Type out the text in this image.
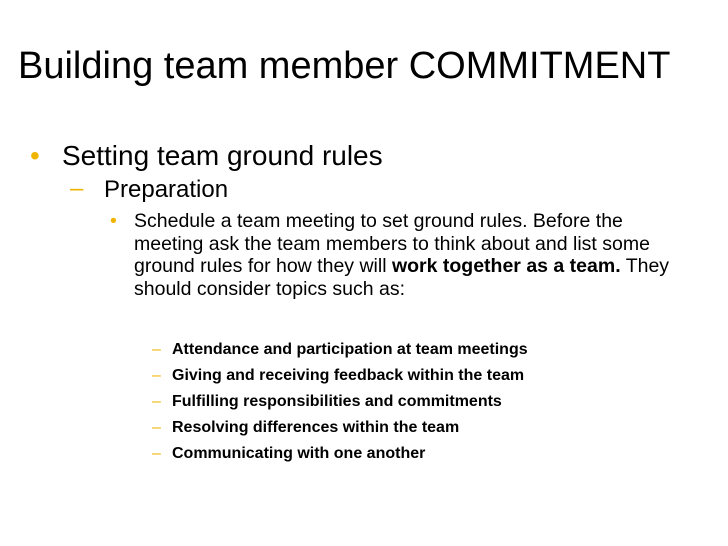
Building team member COMMITMENT
• Setting team ground rules
– Preparation
• Schedule a team meeting to set ground rules. Before the meeting ask the team members to think about and list some ground rules for how they will work together as a team. They should consider topics such as:
– Attendance and participation at team meetings
– Giving and receiving feedback within the team
– Fulfilling responsibilities and commitments
– Resolving differences within the team
– Communicating with one another
